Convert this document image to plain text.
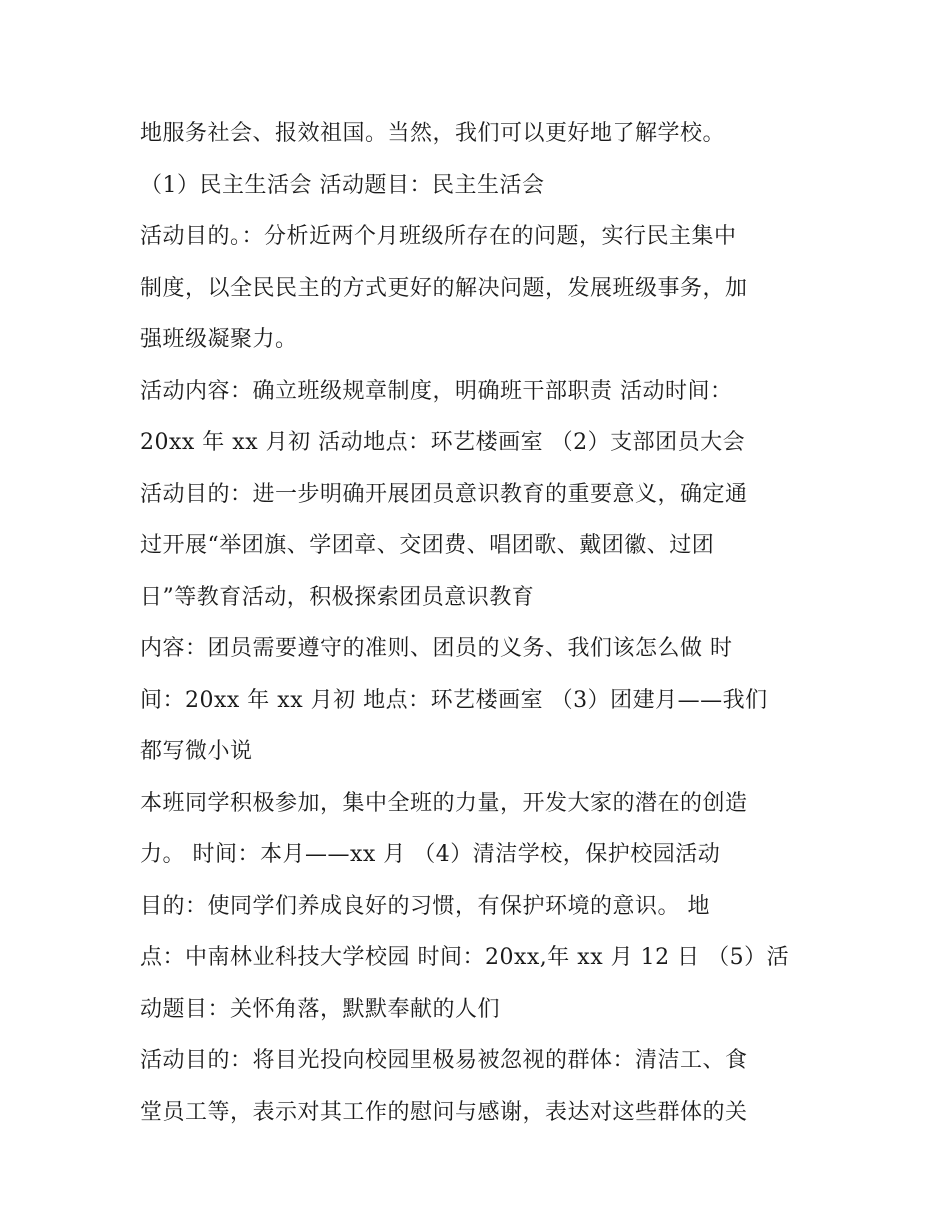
地服务社会、报效祖国。当然，我们可以更好地了解学校。
（1）民主生活会 活动题目：民主生活会
活动目的。：分析近两个月班级所存在的问题，实行民主集中
制度，以全民民主的方式更好的解决问题，发展班级事务，加
强班级凝聚力。
活动内容：确立班级规章制度，明确班干部职责 活动时间：
20xx 年 xx 月初 活动地点：环艺楼画室 （2）支部团员大会
活动目的：进一步明确开展团员意识教育的重要意义，确定通
过开展“举团旗、学团章、交团费、唱团歌、戴团徽、过团
日”等教育活动，积极探索团员意识教育
内容：团员需要遵守的准则、团员的义务、我们该怎么做 时
间：20xx 年 xx 月初 地点：环艺楼画室 （3）团建月——我们
都写微小说
本班同学积极参加，集中全班的力量，开发大家的潜在的创造
力。 时间：本月——xx 月 （4）清洁学校，保护校园活动
目的：使同学们养成良好的习惯，有保护环境的意识。 地
点：中南林业科技大学校园 时间：20xx,年 xx 月 12 日 （5）活
动题目：关怀角落，默默奉献的人们
活动目的：将目光投向校园里极易被忽视的群体：清洁工、食
堂员工等，表示对其工作的慰问与感谢，表达对这些群体的关
